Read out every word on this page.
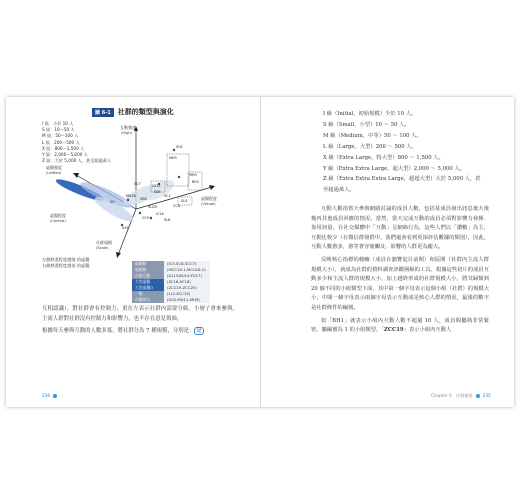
圖 6-1 社群的類型與演化
I 級：小於 10 人
S 級：10～50 人
M 級：50～100 人
L 級：200～500 人
X 級：800～1,500 人
Y 級：2,000～5,000 人
Z 級：大於 5,000 人，甚至超過萬人
互動強度
(High)
虛擬程度
(Virtual)
虛擬強度
(unified)
社群規模
(Scale)
虛擬程度
(Control)
SH1
MH9
MH9
BH1
LU13
SS9
SU1
XB5
MU26
IC16
CC9	SL8
XX1
SH
XU25
SC1
CC8
SC7
左側熟悉程度越強 的虛擬
右側熟悉程度越低 的虛擬	低網絡	(IC3-SC6-SCC7)
低網絡	(MCC19-1-MCU18.2)
社區互動	(LU13-BU14-YU17)
大型虛擬	(XC16-XC18)
大型虛擬O	(ZCC19-ZCC20)
一般	(LL2-XCC15)
社團部分	(SU5-MU11-MH9)

互相認識），對社群會有控制力；重在左表示社群內部要分級，小層子會來參與，主流人群對社群沒有控制力和影響力，也不存在意見領袖。

根據每天參與互動的人數多寡，將社群分為 7 種規模，分別是： 是

236
I 級（Initial，初始規模）少於 10 人。
S 級（Small，小型）10 ～ 50 人。
M 級（Medium，中等）50 ～ 100 人。
L 級（Large，大型）200 ～ 500 人。
X 級（Extra Large，特大型）800 ～ 1,500 人。
Y 級（Extra Extra Large，超大型）2,000 ～ 5,000 人。
Z 級（Extra Extra Extra Large，超超大型）大於 5,000 人，甚至超過萬人。

互動人數指當天參與網路討論的成員人數，包括某成員發出訊息後大後幾再其他成員回應的情況。當然，當天完成互動的成員必須對影響力發揮、靠用詞量、在社交媒體中「互動」呈網絡行為，這些人們以「讚數」為主，互動比較少（在微信群發群中，我們還會看到更深評估數據的類別），因此，互動人數愈多，愈等著容後觸及、影響的人群更為龐大。

反映核心指標的範疇（成員在瀏覽起目前期）和區間（社群內主流人群規模大小），就成為社群的資料調查評鑑層級的工具。根據這些切片的成員互動多少和主流人群的規模大小，加上越終形成的社群規模大小，將其歸類到 20 個不同的小組類型下面，其中第一個字母表示這個小組（社群）的規模大小，中間一個字母表示兩個字母表示互動成是核心人群的情況，最後的數字是社群條件的編號。

如「BH1」就表示小組內互動人數不超過 10 人，成員間屬熟非常緊密，屬編號為 1 的小組類型，「ZCC19」表示小組內互動人

Chapter 6　社群運營 235
